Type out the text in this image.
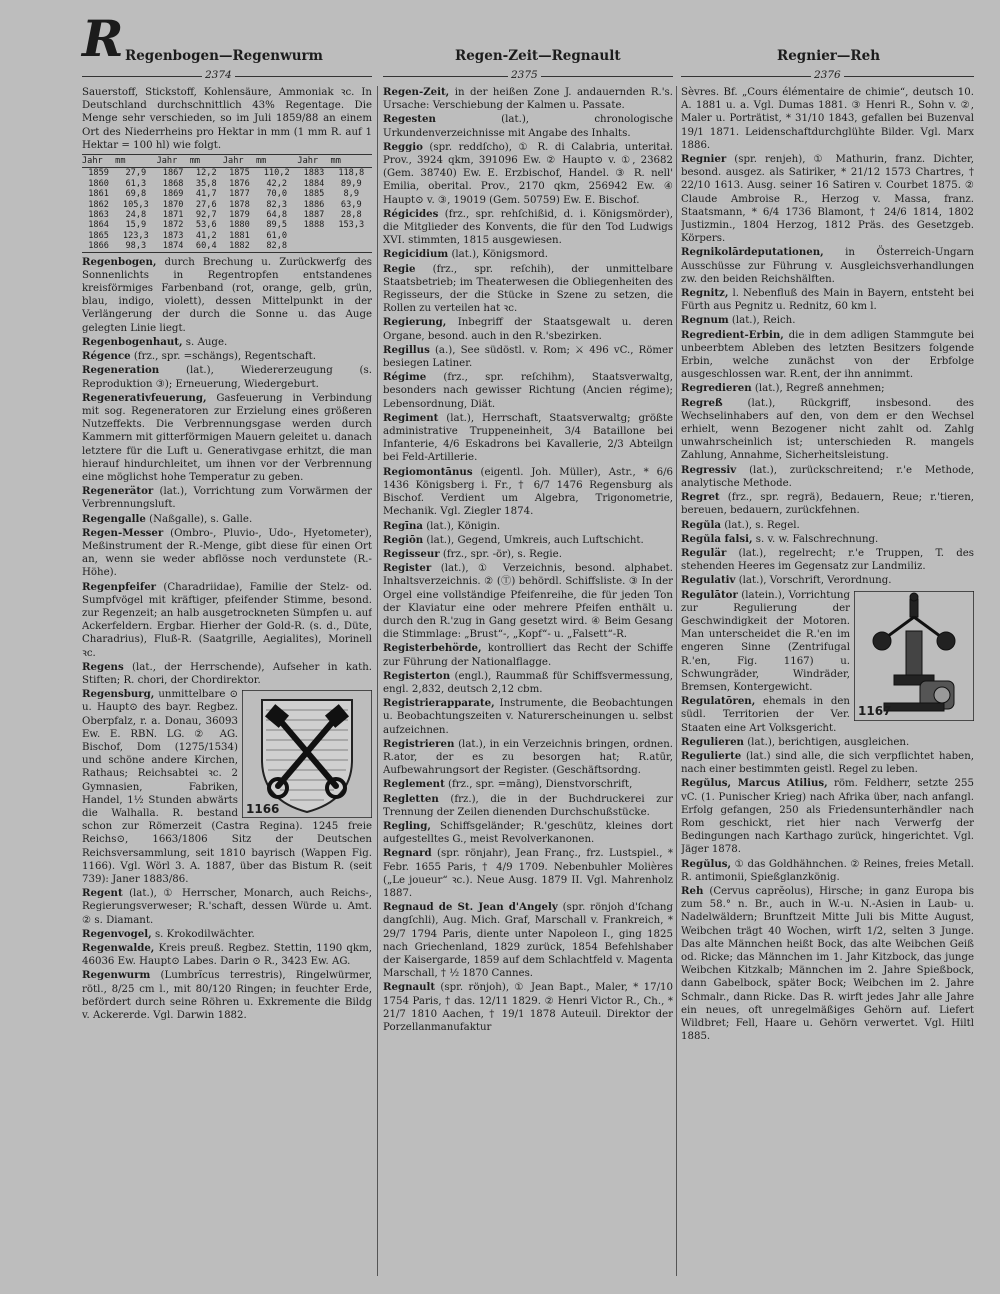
R Regenbogen—Regenwurm	Regen-Zeit—Regnault	Regnier—Reh
2374	2375	2376
Sauerstoff, Stickstoff, Kohlensäure, Ammoniak ꝛc. In Deutschland durchschnittlich 43% Regentage. Die Menge sehr verschieden, so im Juli 1859/88 an einem Ort des Niederrheins pro Hektar in mm (1 mm R. auf 1 Hektar = 100 hl) wie folgt.
Jahr	mm	Jahr	mm	Jahr	mm	Jahr	mm
1859	27,9	1867	12,2	1875	110,2	1883	118,8
1860	61,3	1868	35,8	1876	42,2	1884	89,9
1861	69,8	1869	41,7	1877	70,0	1885	8,9
1862	105,3	1870	27,6	1878	82,3	1886	63,9
1863	24,8	1871	92,7	1879	64,8	1887	28,8
1864	15,9	1872	53,6	1880	89,5	1888	153,3
1865	123,3	1873	41,2	1881	61,0		
1866	98,3	1874	60,4	1882	82,8		
Regenbogen, durch Brechung u. Zurückwerfg des Sonnenlichts in Regentropfen entstandenes kreisförmiges Farbenband (rot, orange, gelb, grün, blau, indigo, violett), dessen Mittelpunkt in der Verlängerung der durch die Sonne u. das Auge gelegten Linie liegt.
Regenbogenhaut, s. Auge.
Régence (frz., spr. =schängs), Regentschaft.
Regeneration (lat.), Wiedererzeugung (s. Reproduktion ③); Erneuerung, Wiedergeburt.
Regenerativfeuerung, Gasfeuerung in Verbindung mit sog. Regeneratoren zur Erzielung eines größeren Nutzeffekts. Die Verbrennungsgase werden durch Kammern mit gitterförmigen Mauern geleitet u. danach letztere für die Luft u. Generativgase erhitzt, die man hierauf hindurchleitet, um ihnen vor der Verbrennung eine möglichst hohe Temperatur zu geben.
Regenerätor (lat.), Vorrichtung zum Vorwärmen der Verbrennungsluft.
Regengalle (Naßgalle), s. Galle.
Regen-Messer (Ombro-, Pluvio-, Udo-, Hyetometer), Meßinstrument der R.-Menge, gibt diese für einen Ort an, wenn sie weder abflösse noch verdunstete (R.-Höhe).
Regenpfeifer (Charadriidae), Familie der Stelz- od. Sumpfvögel mit kräftiger, pfeifender Stimme, besond. zur Regenzeit; an halb ausgetrockneten Sümpfen u. auf Ackerfeldern. Ergbar. Hierher der Gold-R. (s. d., Düte, Charadrius), Fluß-R. (Saatgrille, Aegialites), Morinell ꝛc.
Regens (lat., der Herrschende), Aufseher in kath. Stiften; R. chori, der Chordirektor.
1166
Regensburg, unmittelbare ⊙ u. Haupt⊙ des bayr. Regbez. Oberpfalz, r. a. Donau, 36093 Ew. E. RBN. LG. ② AG. Bischof, Dom (1275/1534) und schöne andere Kirchen, Rathaus; Reichsabtei ꝛc. 2 Gymnasien, Fabriken, Handel, 1½ Stunden abwärts die Walhalla. R. bestand schon zur Römerzeit (Castra Regina). 1245 freie Reichs⊙, 1663/1806 Sitz der Deutschen Reichsversammlung, seit 1810 bayrisch (Wappen Fig. 1166). Vgl. Wörl 3. A. 1887, über das Bistum R. (seit 739): Janer 1883/86.
Regent (lat.), ① Herrscher, Monarch, auch Reichs-, Regierungsverweser; R.'schaft, dessen Würde u. Amt. ② s. Diamant.
Regenvogel, s. Krokodilwächter.
Regenwalde, Kreis preuß. Regbez. Stettin, 1190 qkm, 46036 Ew. Haupt⊙ Labes. Darin ⊙ R., 3423 Ew. AG.
Regenwurm (Lumbrĭcus terrestris), Ringelwürmer, rötl., 8/25 cm l., mit 80/120 Ringen; in feuchter Erde, befördert durch seine Röhren u. Exkremente die Bildg v. Ackererde. Vgl. Darwin 1882.
Regen-Zeit, in der heißen Zone J. andauernden R.'s. Ursache: Verschiebung der Kalmen u. Passate.
Regesten (lat.), chronologische Urkundenverzeichnisse mit Angabe des Inhalts.
Reggio (spr. reddſcho), ① R. di Calabria, unteritał. Prov., 3924 qkm, 391096 Ew. ② Haupt⊙ v. ①, 23682 (Gem. 38740) Ew. E. Erzbischof, Handel. ③ R. nell' Emilia, oberital. Prov., 2170 qkm, 256942 Ew. ④ Haupt⊙ v. ③, 19019 (Gem. 50759) Ew. E. Bischof.
Régicides (frz., spr. rehſchißid, d. i. Königsmörder), die Mitglieder des Konvents, die für den Tod Ludwigs XVI. stimmten, 1815 ausgewiesen.
Regicidium (lat.), Königsmord.
Regie (frz., spr. reſchih), der unmittelbare Staatsbetrieb; im Theaterwesen die Obliegenheiten des Regisseurs, der die Stücke in Szene zu setzen, die Rollen zu verteilen hat ꝛc.
Regierung, Inbegriff der Staatsgewalt u. deren Organe, besond. auch in den R.'sbezirken.
Regillus (a.), See südöstl. v. Rom; ⚔ 496 vC., Römer besiegen Latiner.
Régime (frz., spr. reſchihm), Staatsverwaltg, besonders nach gewisser Richtung (Ancien régime); Lebensordnung, Diät.
Regiment (lat.), Herrschaft, Staatsverwaltg; größte administrative Truppeneinheit, 3/4 Bataillone bei Infanterie, 4/6 Eskadrons bei Kavallerie, 2/3 Abteilgn bei Feld-Artillerie.
Regiomontānus (eigentl. Joh. Müller), Astr., * 6/6 1436 Königsberg i. Fr., † 6/7 1476 Regensburg als Bischof. Verdient um Algebra, Trigonometrie, Mechanik. Vgl. Ziegler 1874.
Regīna (lat.), Königin.
Regiōn (lat.), Gegend, Umkreis, auch Luftschicht.
Regisseur (frz., spr. -ör), s. Regie.
Register (lat.), ① Verzeichnis, besond. alphabet. Inhaltsverzeichnis. ② (Ⓣ) behördl. Schiffsliste. ③ In der Orgel eine vollständige Pfeifenreihe, die für jeden Ton der Klaviatur eine oder mehrere Pfeifen enthält u. durch den R.'zug in Gang gesetzt wird. ④ Beim Gesang die Stimmlage: „Brust“-, „Kopf“- u. „Falsett“-R.
Registerbehörde, kontrolliert das Recht der Schiffe zur Führung der Nationalflagge.
Registerton (engl.), Raummaß für Schiffsvermessung, engl. 2,832, deutsch 2,12 cbm.
Registrierapparate, Instrumente, die Beobachtungen u. Beobachtungszeiten v. Naturerscheinungen u. selbst aufzeichnen.
Registrieren (lat.), in ein Verzeichnis bringen, ordnen. R.ator, der es zu besorgen hat; R.atūr, Aufbewahrungsort der Register. (Geschäftsordng.
Reglement (frz., spr. =māng), Dienstvorschrift,
Regletten (frz.), die in der Buchdruckerei zur Trennung der Zeilen dienenden Durchschußstücke.
Regling, Schiffsgeländer; R.'geschütz, kleines dort aufgestelltes G., meist Revolverkanonen.
Regnard (spr. rönjahr), Jean Franç., frz. Lustspiel., * Febr. 1655 Paris, † 4/9 1709. Nebenbuhler Molières („Le joueur“ ꝛc.). Neue Ausg. 1879 II. Vgl. Mahrenholz 1887.
Regnaud de St. Jean d'Angely (spr. rönjoh d'ſchang dangſchli), Aug. Mich. Graf, Marschall v. Frankreich, * 29/7 1794 Paris, diente unter Napoleon I., ging 1825 nach Griechenland, 1829 zurück, 1854 Befehlshaber der Kaisergarde, 1859 auf dem Schlachtfeld v. Magenta Marschall, † ½ 1870 Cannes.
Regnault (spr. rönjoh), ① Jean Bapt., Maler, * 17/10 1754 Paris, † das. 12/11 1829. ② Henri Victor R., Ch., * 21/7 1810 Aachen, † 19/1 1878 Auteuil. Direktor der Porzellanmanufaktur
Sèvres. Bf. „Cours élémentaire de chimie“, deutsch 10. A. 1881 u. a. Vgl. Dumas 1881. ③ Henri R., Sohn v. ②, Maler u. Porträtist, * 31/10 1843, gefallen bei Buzenval 19/1 1871. Leidenschaftdurchglühte Bilder. Vgl. Marx 1886.
Regnier (spr. renjeh), ① Mathurin, franz. Dichter, besond. ausgez. als Satiriker, * 21/12 1573 Chartres, † 22/10 1613. Ausg. seiner 16 Satiren v. Courbet 1875. ② Claude Ambroise R., Herzog v. Massa, franz. Staatsmann, * 6/4 1736 Blamont, † 24/6 1814, 1802 Justizmin., 1804 Herzog, 1812 Präs. des Gesetzgeb. Körpers.
Regnikolārdeputationen, in Österreich-Ungarn Ausschüsse zur Führung v. Ausgleichsverhandlungen zw. den beiden Reichshälften.
Regnitz, l. Nebenfluß des Main in Bayern, entsteht bei Fürth aus Pegnitz u. Rednitz, 60 km l.
Regnum (lat.), Reich.
Regredient-Erbin, die in dem adligen Stammgute bei unbeerbtem Ableben des letzten Besitzers folgende Erbin, welche zunächst von der Erbfolge ausgeschlossen war. R.ent, der ihn annimmt.
Regredieren (lat.), Regreß annehmen;
Regreß (lat.), Rückgriff, insbesond. des Wechselinhabers auf den, von dem er den Wechsel erhielt, wenn Bezogener nicht zahlt od. Zahlg unwahrscheinlich ist; unterschieden R. mangels Zahlung, Annahme, Sicherheitsleistung.
Regressiv (lat.), zurückschreitend; r.'e Methode, analytische Methode.
Regret (frz., spr. regrä), Bedauern, Reue; r.'tieren, bereuen, bedauern, zurückfehnen.
Regŭla (lat.), s. Regel.
Regŭla falsi, s. v. w. Falschrechnung.
Regulär (lat.), regelrecht; r.'e Truppen, T. des stehenden Heeres im Gegensatz zur Landmiliz.
Regulativ (lat.), Vorschrift, Verordnung.
1167
Regulātor (latein.), Vorrichtung zur Regulierung der Geschwindigkeit der Motoren. Man unterscheidet die R.'en im engeren Sinne (Zentrifugal R.'en, Fig. 1167) u. Schwungräder, Windräder, Bremsen, Kontergewicht.
Regulatōren, ehemals in den südl. Territorien der Ver. Staaten eine Art Volksgericht.
Regulieren (lat.), berichtigen, ausgleichen.
Regulierte (lat.) sind alle, die sich verpflichtet haben, nach einer bestimmten geistl. Regel zu leben.
Regŭlus, Marcus Atilius, röm. Feldherr, setzte 255 vC. (1. Punischer Krieg) nach Afrika über, nach anfangl. Erfolg gefangen, 250 als Friedensunterhändler nach Rom geschickt, riet hier nach Verwerfg der Bedingungen nach Karthago zurück, hingerichtet. Vgl. Jäger 1878.
Regŭlus, ① das Goldhähnchen. ② Reines, freies Metall. R. antimonii, Spießglanzkönig.
Reh (Cervus caprĕolus), Hirsche; in ganz Europa bis zum 58.° n. Br., auch in W.-u. N.-Asien in Laub- u. Nadelwäldern; Brunftzeit Mitte Juli bis Mitte August, Weibchen trägt 40 Wochen, wirft 1/2, selten 3 Junge. Das alte Männchen heißt Bock, das alte Weibchen Geiß od. Ricke; das Männchen im 1. Jahr Kitzbock, das junge Weibchen Kitzkalb; Männchen im 2. Jahre Spießbock, dann Gabelbock, später Bock; Weibchen im 2. Jahre Schmalr., dann Ricke. Das R. wirft jedes Jahr alle Jahre ein neues, oft unregelmäßiges Gehörn auf. Liefert Wildbret; Fell, Haare u. Gehörn verwertet. Vgl. Hiltl 1885.
